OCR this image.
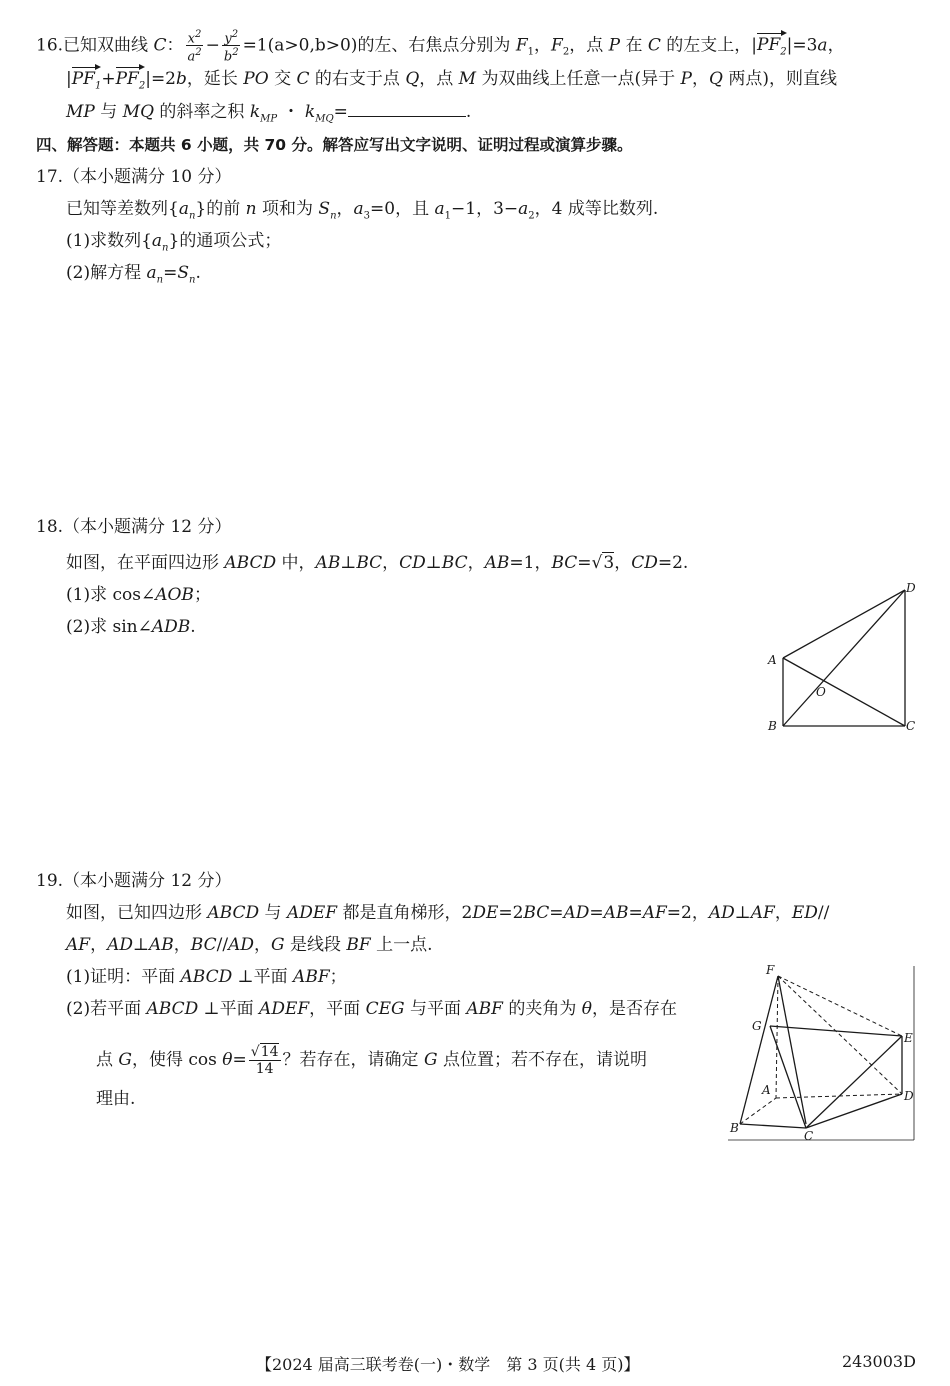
16.已知双曲线 C： $\frac{x^2}{a^2} - \frac{y^2}{b^2} =1(a>0,b>0)$的左、右焦点分别为 $F_1$，$F_2$，点 P 在 C 的左支上，$|PF_2|=3a$，
$|PF_1+PF_2|=2b$，延长 PO 交 C 的右支于点 Q，点 M 为双曲线上任意一点(异于 P，Q 两点)，则直线
MP 与 MQ 的斜率之积 $k_{MP}$ ・ $k_{MQ}=$	.
四、解答题：本题共 6 小题，共 70 分。解答应写出文字说明、证明过程或演算步骤。
17.（本小题满分 10 分）
已知等差数列$\{a_n\}$的前 n 项和为 $S_n$，$a_3=0$，且 $a_1-1$，$3-a_2$，4 成等比数列.
(1)求数列$\{a_n\}$的通项公式；
(2)解方程 $a_n=S_n$.
18.（本小题满分 12 分）
如图，在平面四边形 ABCD 中，AB⊥BC，CD⊥BC，AB=1，BC=√3，CD=2.
(1)求 cos∠AOB；
(2)求 sin∠ADB.
D
A
O
B	C
19.（本小题满分 12 分）
如图，已知四边形 ABCD 与 ADEF 都是直角梯形，2DE=2BC=AD=AB=AF=2，AD⊥AF，ED//
AF，AD⊥AB，BC//AD，G 是线段 BF 上一点.
(1)证明：平面 ABCD ⊥平面 ABF；
(2)若平面 ABCD ⊥平面 ADEF，平面 CEG 与平面 ABF 的夹角为 θ，是否存在
点 G，使得 $\cos \theta= \frac{√14}{14}$ ？若存在，请确定 G 点位置；若不存在，请说明
理由.
F
G
E
A	D
B
C
【2024 届高三联考卷(一)・数学　第 3 页(共 4 页)】	243003D
